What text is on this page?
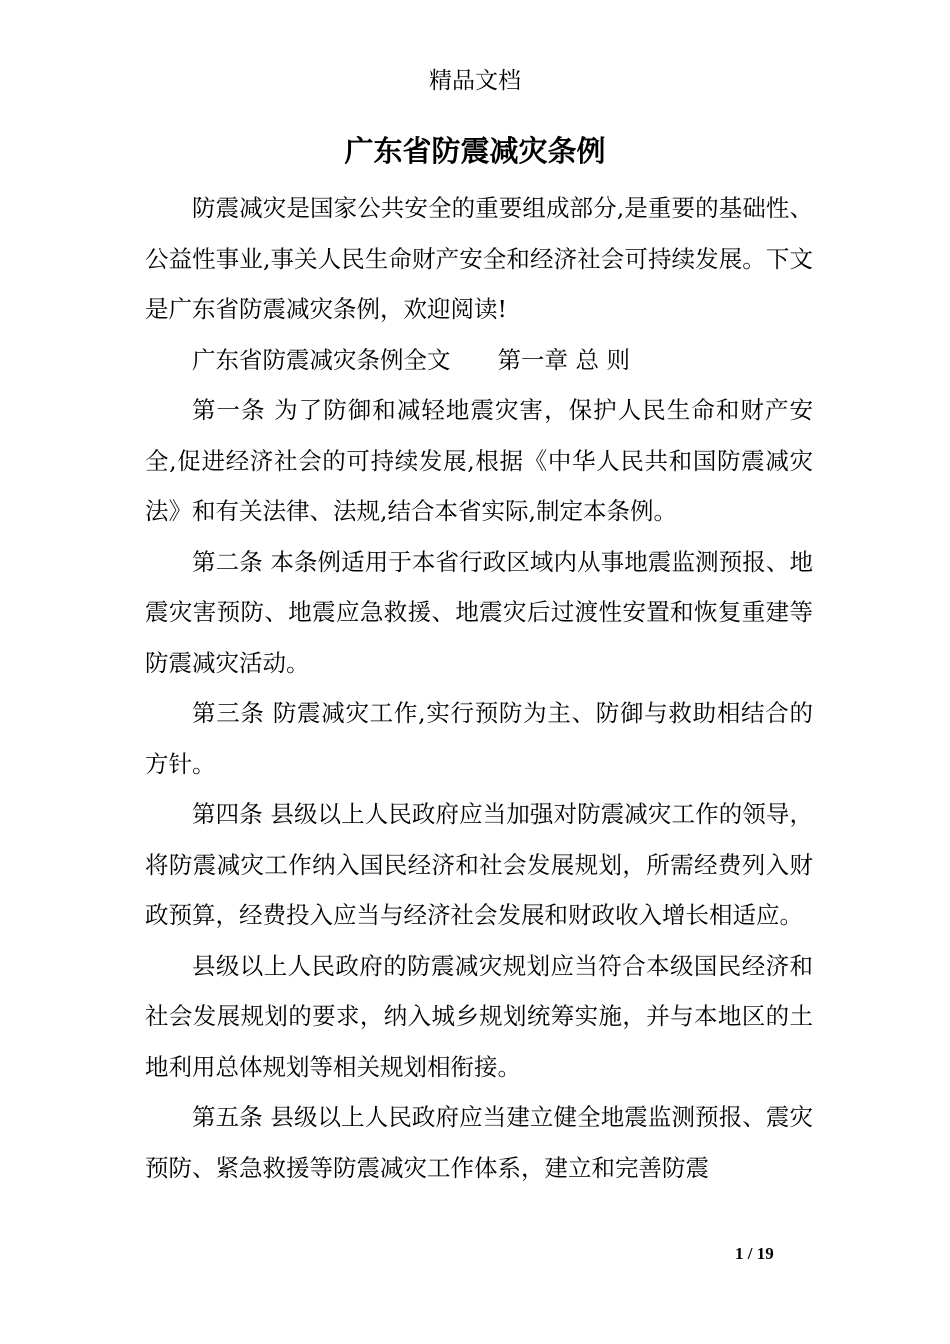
精品文档
广东省防震减灾条例

防震减灾是国家公共安全的重要组成部分,是重要的基础性、公益性事业,事关人民生命财产安全和经济社会可持续发展。下文是广东省防震减灾条例，欢迎阅读!

广东省防震减灾条例全文　　第一章 总 则

第一条 为了防御和减轻地震灾害，保护人民生命和财产安全,促进经济社会的可持续发展,根据《中华人民共和国防震减灾法》和有关法律、法规,结合本省实际,制定本条例。

第二条 本条例适用于本省行政区域内从事地震监测预报、地震灾害预防、地震应急救援、地震灾后过渡性安置和恢复重建等防震减灾活动。

第三条 防震减灾工作,实行预防为主、防御与救助相结合的方针。

第四条 县级以上人民政府应当加强对防震减灾工作的领导，将防震减灾工作纳入国民经济和社会发展规划，所需经费列入财政预算，经费投入应当与经济社会发展和财政收入增长相适应。

县级以上人民政府的防震减灾规划应当符合本级国民经济和社会发展规划的要求，纳入城乡规划统筹实施，并与本地区的土地利用总体规划等相关规划相衔接。

第五条 县级以上人民政府应当建立健全地震监测预报、震灾预防、紧急救援等防震减灾工作体系，建立和完善防震

1 / 19
